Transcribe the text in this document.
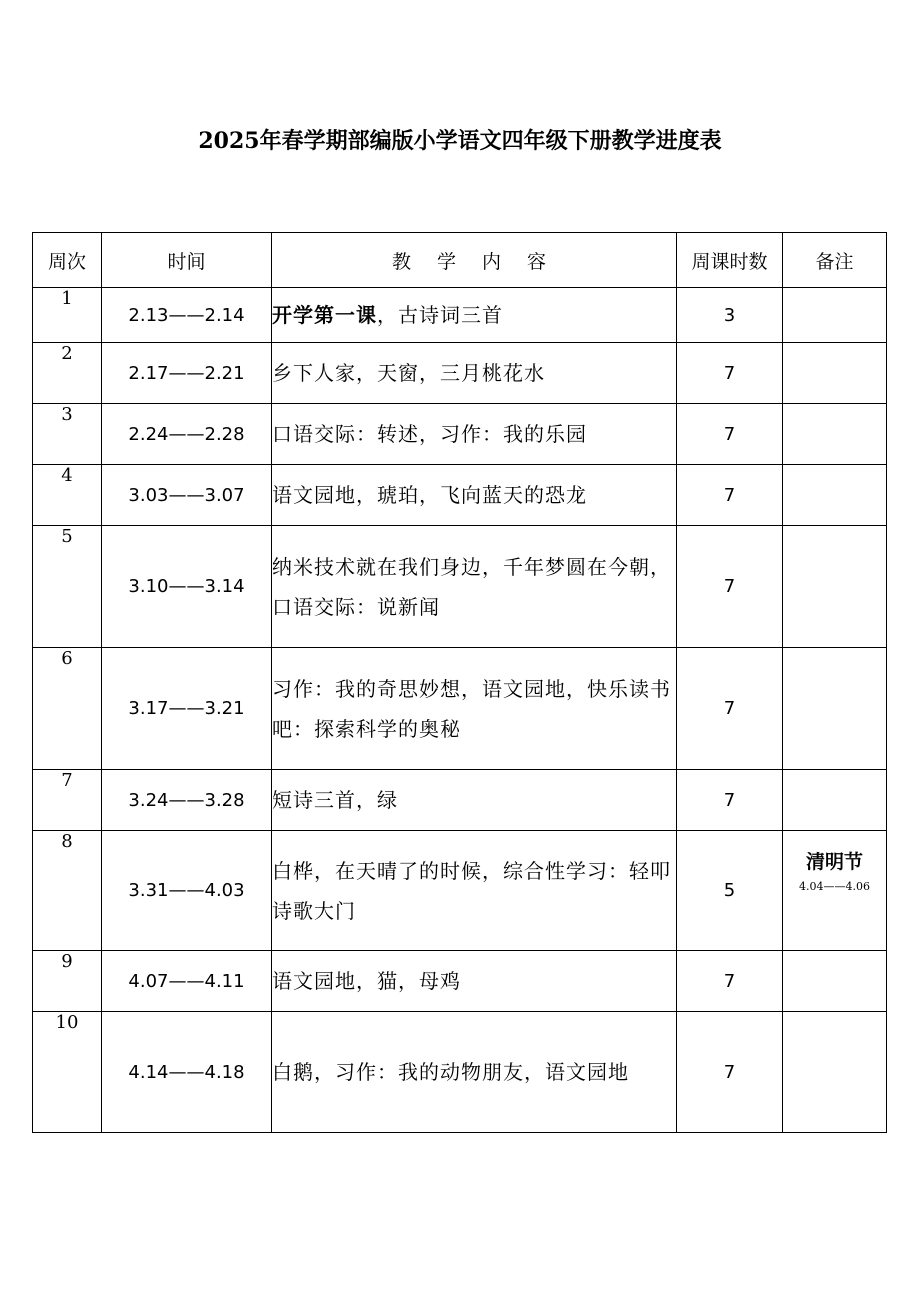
2025年春学期部编版小学语文四年级下册教学进度表
周次	时间	教 学 内 容	周课时数	备注
1	2.13——2.14	开学第一课，古诗词三首	3	
2	2.17——2.21	乡下人家，天窗，三月桃花水	7	
3	2.24——2.28	口语交际：转述，习作：我的乐园	7	
4	3.03——3.07	语文园地，琥珀，飞向蓝天的恐龙	7	
5	3.10——3.14	纳米技术就在我们身边，千年梦圆在今朝，口语交际：说新闻	7	
6	3.17——3.21	习作：我的奇思妙想，语文园地，快乐读书吧：探索科学的奥秘	7	
7	3.24——3.28	短诗三首，绿	7	
8	3.31——4.03	白桦，在天晴了的时候，综合性学习：轻叩诗歌大门	5	清明节
4.04——4.06

9	4.07——4.11	语文园地，猫，母鸡	7	
10	4.14——4.18	白鹅，习作：我的动物朋友，语文园地	7	
